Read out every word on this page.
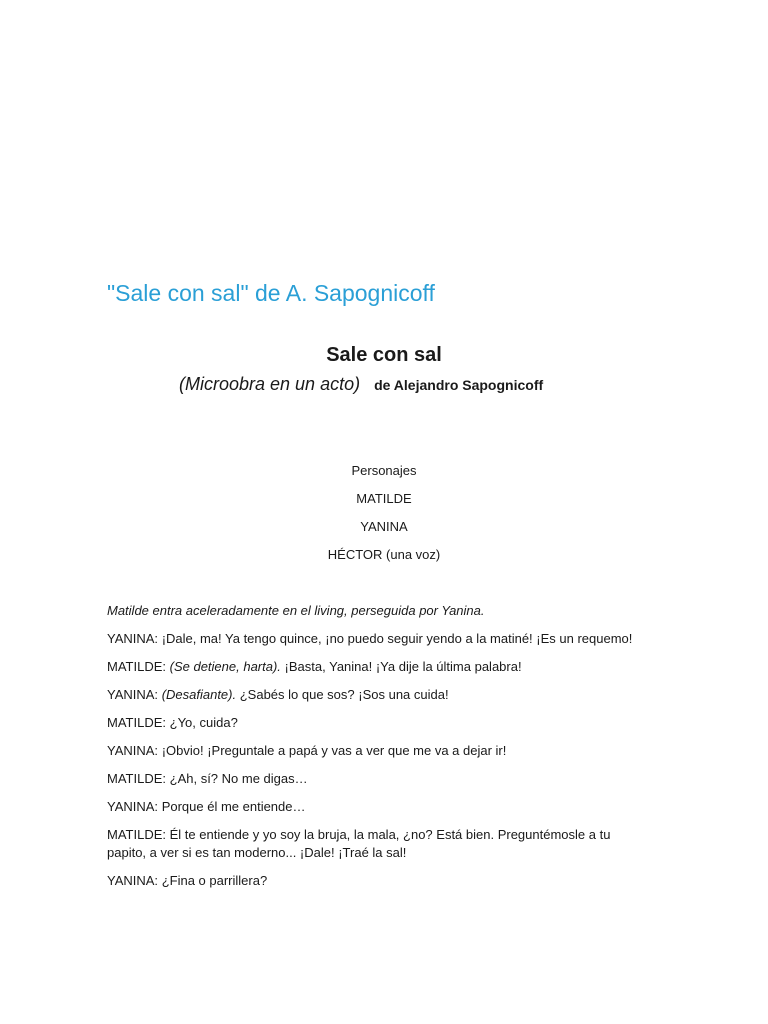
"Sale con sal" de A. Sapognicoff
Sale con sal
(Microobra en un acto) de Alejandro Sapognicoff
Personajes
MATILDE
YANINA
HÉCTOR (una voz)

Matilde entra aceleradamente en el living, perseguida por Yanina.

YANINA: ¡Dale, ma! Ya tengo quince, ¡no puedo seguir yendo a la matiné! ¡Es un requemo!

MATILDE: (Se detiene, harta). ¡Basta, Yanina! ¡Ya dije la última palabra!

YANINA: (Desafiante). ¿Sabés lo que sos? ¡Sos una cuida!

MATILDE: ¿Yo, cuida?

YANINA: ¡Obvio! ¡Preguntale a papá y vas a ver que me va a dejar ir!

MATILDE: ¿Ah, sí? No me digas…

YANINA: Porque él me entiende…

MATILDE: Él te entiende y yo soy la bruja, la mala, ¿no? Está bien. Preguntémosle a tu papito, a ver si es tan moderno... ¡Dale! ¡Traé la sal!

YANINA: ¿Fina o parrillera?
